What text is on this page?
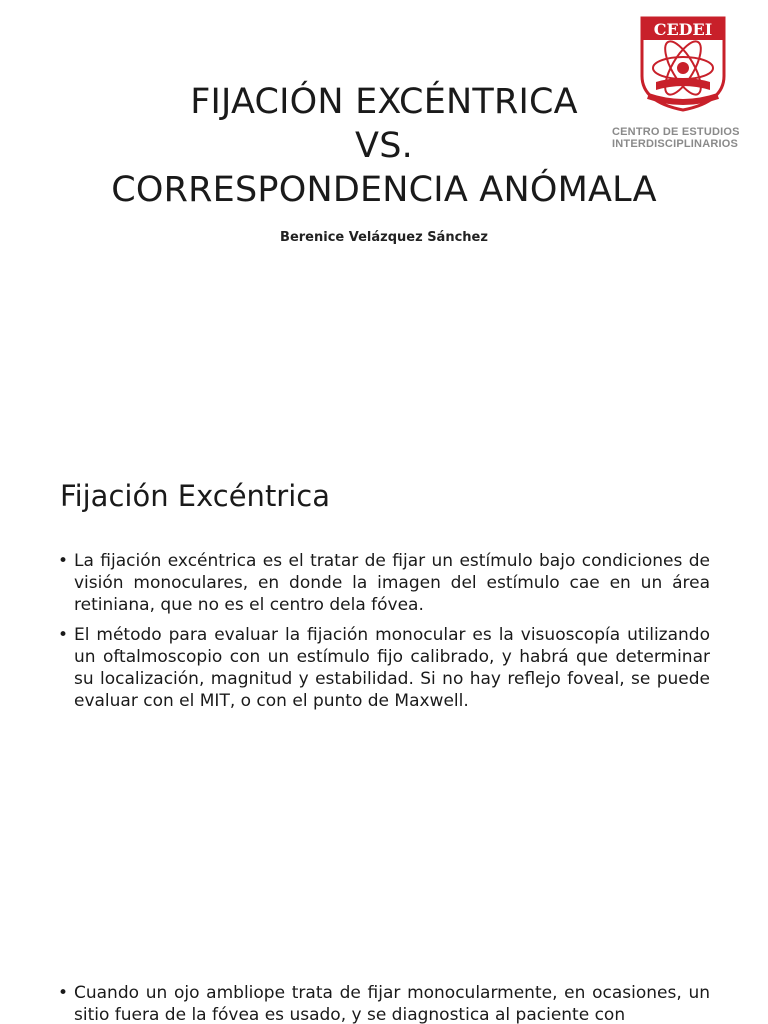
FIJACIÓN EXCÉNTRICA
VS.
CORRESPONDENCIA ANÓMALA
Berenice Velázquez Sánchez
CEDEI
CENTRO DE ESTUDIOS
INTERDISCIPLINARIOS
Fijación Excéntrica
• La fijación excéntrica es el tratar de fijar un estímulo bajo condiciones de visión monoculares, en donde la imagen del estímulo cae en un área retiniana, que no es el centro dela fóvea.
• El método para evaluar la fijación monocular es la visuoscopía utilizando un oftalmoscopio con un estímulo fijo calibrado, y habrá que determinar su localización, magnitud y estabilidad. Si no hay reflejo foveal, se puede evaluar con el MIT, o con el punto de Maxwell.
• Cuando un ojo ambliope trata de fijar monocularmente, en ocasiones, un sitio fuera de la fóvea es usado, y se diagnostica al paciente con
